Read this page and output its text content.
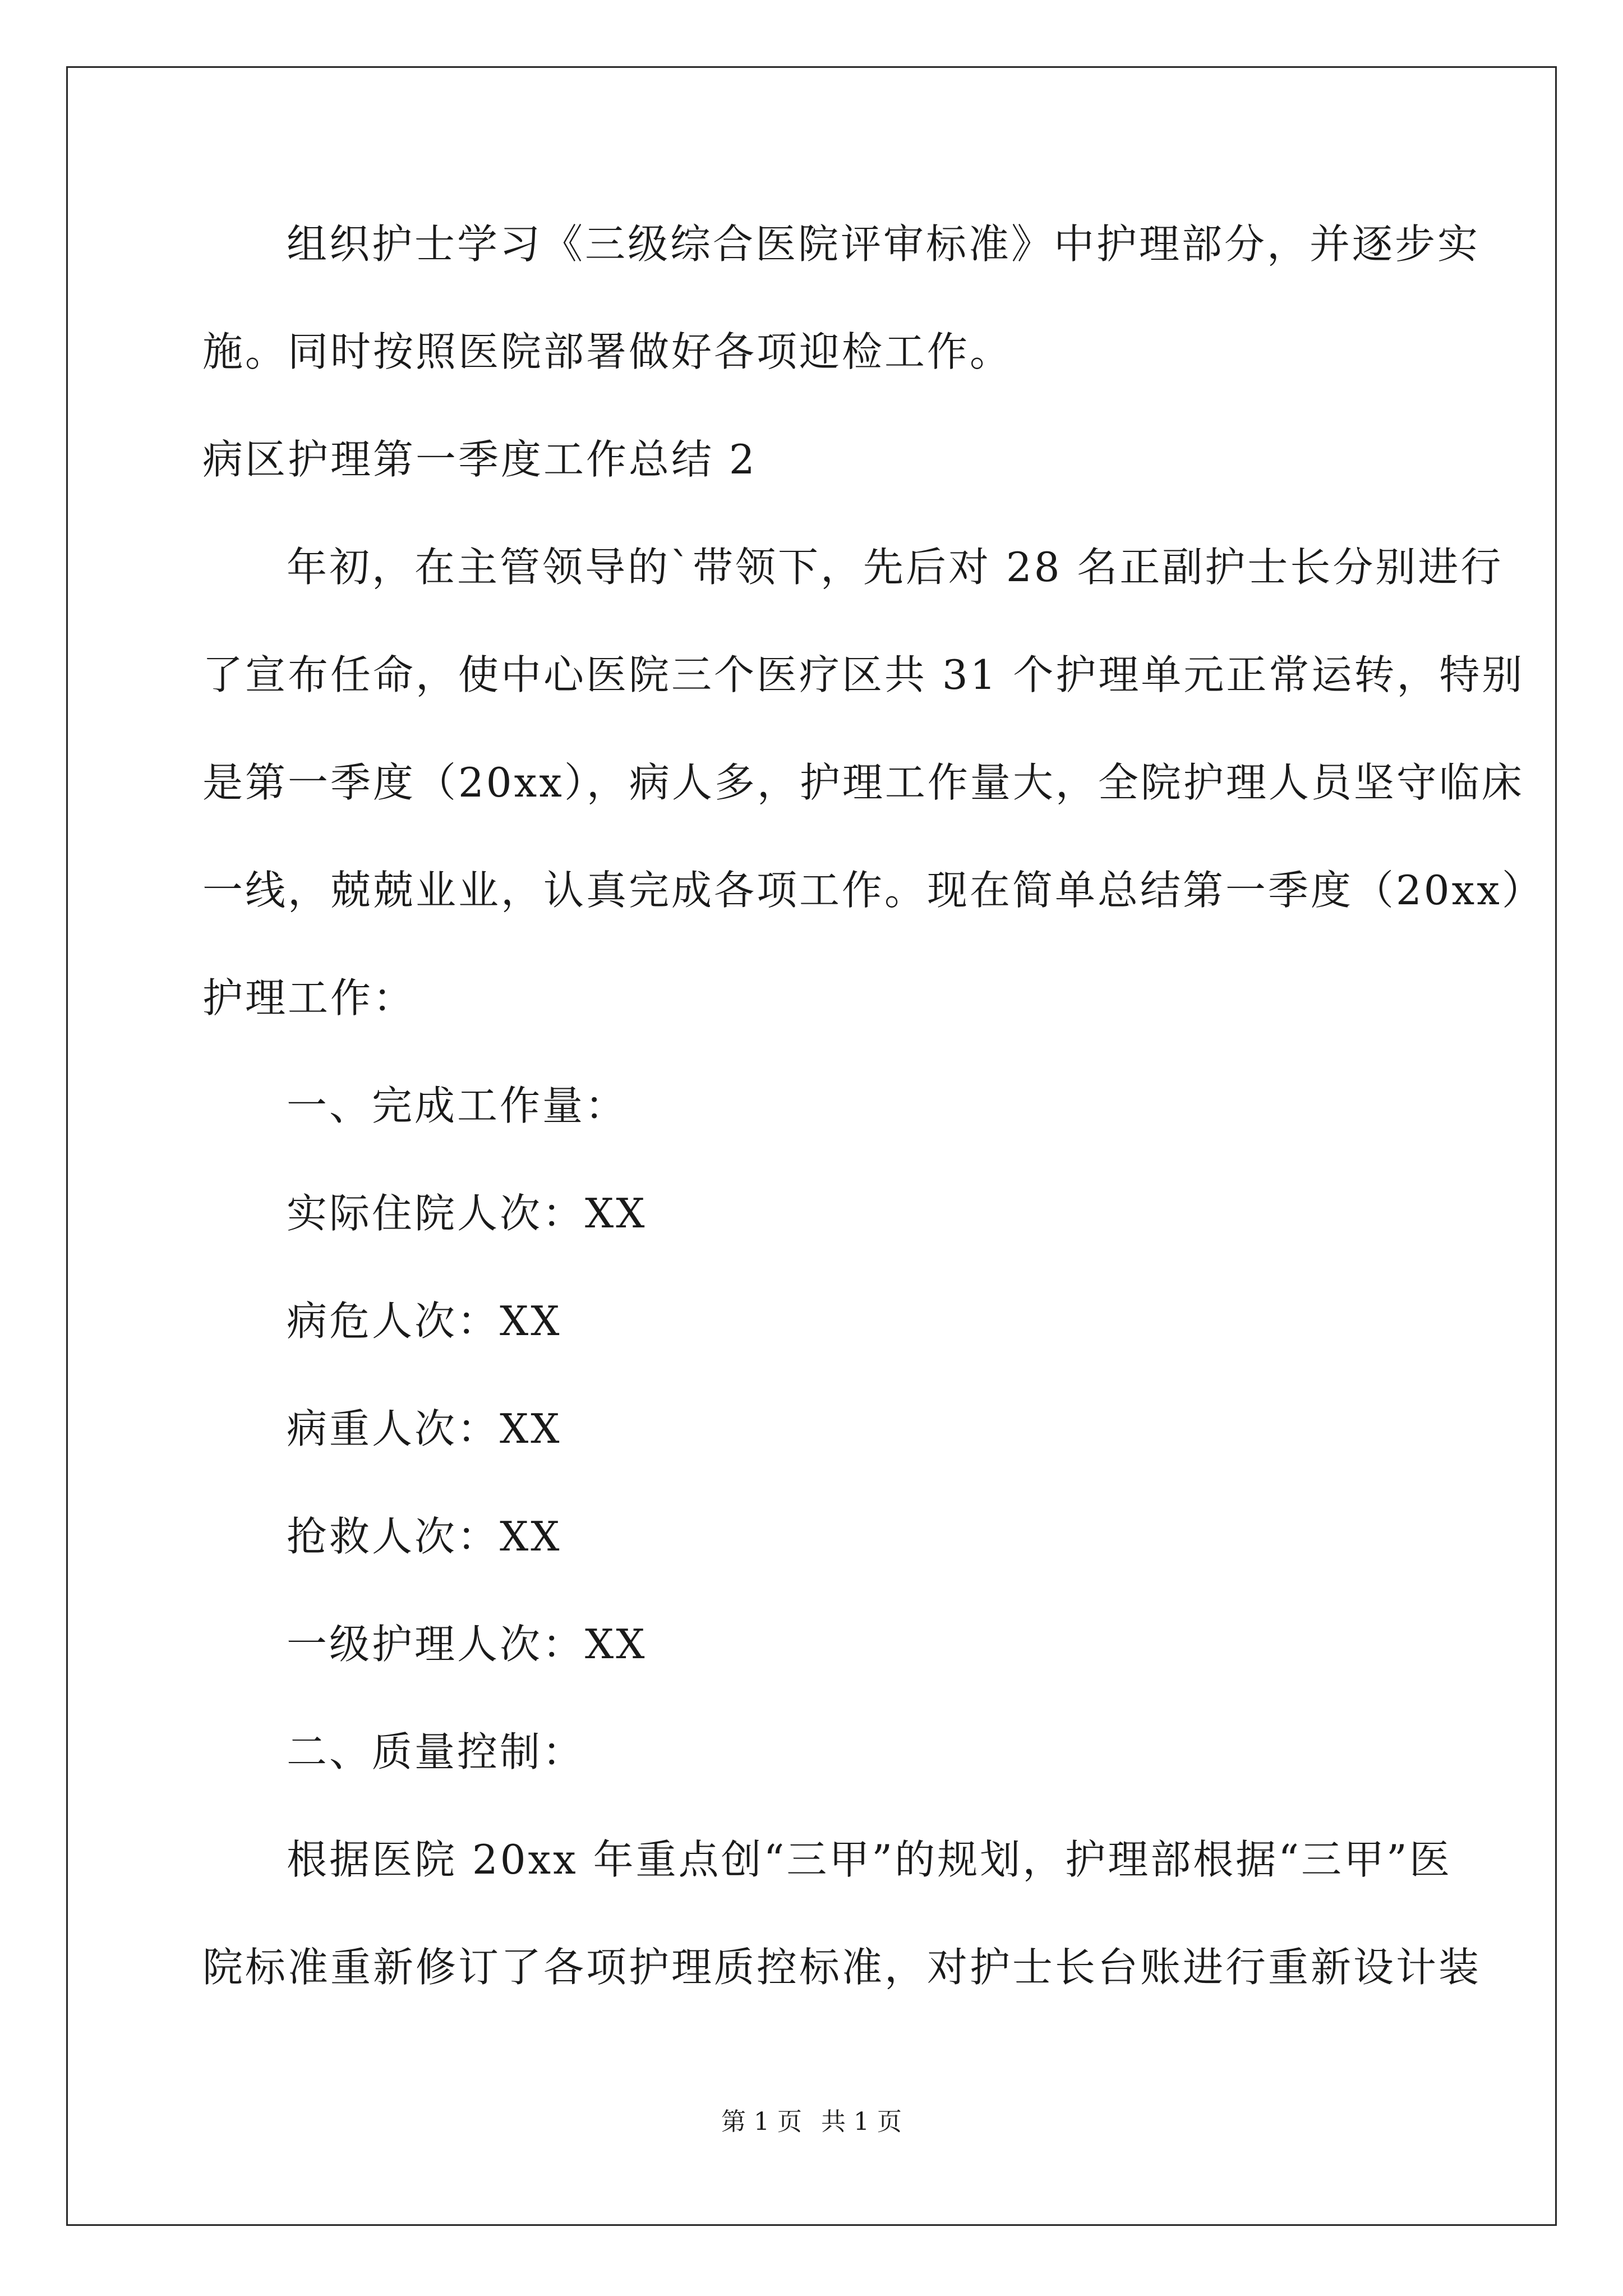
组织护士学习《三级综合医院评审标准》中护理部分，并逐步实
施。同时按照医院部署做好各项迎检工作。
病区护理第一季度工作总结 2
年初，在主管领导的`带领下，先后对 28 名正副护士长分别进行
了宣布任命，使中心医院三个医疗区共 31 个护理单元正常运转，特别
是第一季度（20xx），病人多，护理工作量大，全院护理人员坚守临床
一线，兢兢业业，认真完成各项工作。现在简单总结第一季度（20xx）
护理工作：
一、完成工作量：
实际住院人次：XX
病危人次：XX
病重人次：XX
抢救人次：XX
一级护理人次：XX
二、质量控制：
根据医院 20xx 年重点创“三甲”的规划，护理部根据“三甲”医
院标准重新修订了各项护理质控标准，对护士长台账进行重新设计装
第 1 页 共 1 页
